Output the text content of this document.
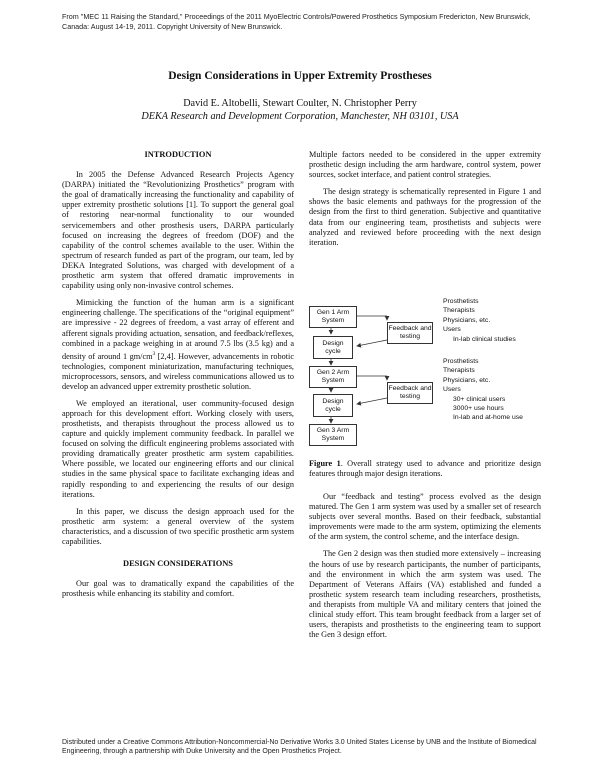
From "MEC 11 Raising the Standard," Proceedings of the 2011 MyoElectric Controls/Powered Prosthetics Symposium Fredericton, New Brunswick, Canada: August 14-19, 2011. Copyright University of New Brunswick.
Design Considerations in Upper Extremity Prostheses
David E. Altobelli, Stewart Coulter, N. Christopher Perry
DEKA Research and Development Corporation, Manchester, NH 03101, USA
INTRODUCTION

In 2005 the Defense Advanced Research Projects Agency (DARPA) initiated the “Revolutionizing Prosthetics” program with the goal of dramatically increasing the functionality and capability of upper extremity prosthetic solutions [1]. To support the general goal of restoring near-normal functionality to our wounded servicemembers and other prosthesis users, DARPA particularly focused on increasing the degrees of freedom (DOF) and the capability of the control schemes available to the user. Within the spectrum of research funded as part of the program, our team, led by DEKA Integrated Solutions, was charged with development of a prosthetic arm system that offered dramatic improvements in capability using only non-invasive control schemes.

Mimicking the function of the human arm is a significant engineering challenge. The specifications of the “original equipment” are impressive - 22 degrees of freedom, a vast array of efferent and afferent signals providing actuation, sensation, and feedback/reflexes, combined in a package weighing in at around 7.5 lbs (3.5 kg) and a density of around 1 $gm/cm^3$ [2,4]. However, advancements in robotic technologies, component miniaturization, manufacturing techniques, microprocessors, sensors, and wireless communications allowed us to develop an advanced upper extremity prosthetic solution.

We employed an iterational, user community-focused design approach for this development effort. Working closely with users, prosthetists, and therapists throughout the process allowed us to capture and quickly implement community feedback. In parallel we focused on solving the difficult engineering problems associated with providing dramatically greater prosthetic arm system capabilities. Where possible, we located our engineering efforts and our clinical studies in the same physical space to facilitate exchanging ideas and rapidly responding to and experiencing the results of our design iterations.

In this paper, we discuss the design approach used for the prosthetic arm system: a general overview of the system characteristics, and a discussion of two specific prosthetic arm system capabilities.

DESIGN CONSIDERATIONS

Our goal was to dramatically expand the capabilities of the prosthesis while enhancing its stability and comfort.

Multiple factors needed to be considered in the upper extremity prosthetic design including the arm hardware, control system, power sources, socket interface, and patient control strategies.

The design strategy is schematically represented in Figure 1 and shows the basic elements and pathways for the progression of the design from the first to third generation. Subjective and quantitative data from our engineering team, prosthetists and subjects were analyzed and reviewed before proceeding with the next design iteration.

Gen 1 Arm System
Design cycle
Feedback and testing
Prosthetists
Therapists
Physicians, etc.
Users
In-lab clinical studies
Gen 2 Arm System
Design cycle
Feedback and testing
Prosthetists
Therapists
Physicians, etc.
Users
30+ clinical users
3000+ use hours
In-lab and at-home use
Gen 3 Arm System
Figure 1. Overall strategy used to advance and prioritize design features through major design iterations.

Our “feedback and testing” process evolved as the design matured. The Gen 1 arm system was used by a smaller set of research subjects over several months. Based on their feedback, substantial improvements were made to the arm system, optimizing the elements of the arm system, the control scheme, and the interface design.

The Gen 2 design was then studied more extensively – increasing the hours of use by research participants, the number of participants, and the environment in which the arm system was used. The Department of Veterans Affairs (VA) established and funded a prosthetic system research team including researchers, prosthetists, and therapists from multiple VA and military centers that joined the clinical study effort. This team brought feedback from a larger set of users, therapists and prosthetists to the engineering team to support the Gen 3 design effort.

Distributed under a Creative Commons Attribution-Noncommercial-No Derivative Works 3.0 United States License by UNB and the Institute of Biomedical Engineering, through a partnership with Duke University and the Open Prosthetics Project.
